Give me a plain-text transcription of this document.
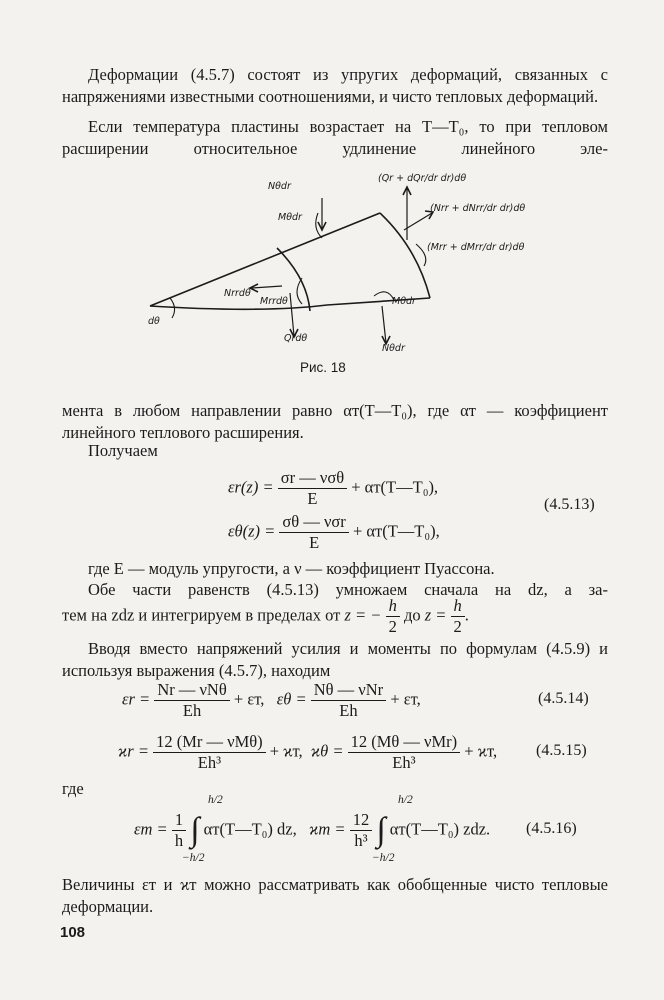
Деформации (4.5.7) состоят из упругих деформаций, связанных с напряжениями известными соотношениями, и чисто тепловых деформаций.

Если температура пластины возрастает на T—T₀, то при тепловом расширении относительное удлинение линейного эле-

Nθdr
Mθdr
(Qr + dQr/dr dr)dθ
(Nrr + dNrr/dr dr)dθ
(Mrr + dMrr/dr dr)dθ
Nrrdθ
Mrrdθ
Qrdθ
dθ
Mθdr
Nθdr
Рис. 18

мента в любом направлении равно αт(T—T₀), где αт — коэффициент линейного теплового расширения.

Получаем

$\varepsilon r(z) = \frac{\text{σr — νσθ}}{E}$ + αт(T—T₀),
$\varepsilon\theta(z) = \frac{\text{σθ — νσr}}{E}$ + αт(T—T₀),
(4.5.13)

где E — модуль упругости, а ν — коэффициент Пуассона.

Обе части равенств (4.5.13) умножаем сначала на dz, а за-

тем на zdz и интегрируем в пределах от z = − $\frac{h}{2}$ до $z = \frac{h}{2}$ .

Вводя вместо напряжений усилия и моменты по формулам (4.5.9) и используя выражения (4.5.7), находим

$\varepsilon r = \frac{\text{Nr — νNθ}}{Eh} + \varepsilon т$, $\varepsilon\theta = \frac{\text{Nθ — νNr}}{Eh} + \varepsilon т$,	(4.5.14)
$ϰr = \frac{\text{12 (Mr — νMθ)}}{\text{Eh³}} + ϰт$, $ϰ\theta = \frac{\text{12 (Mθ — νMr)}}{\text{Eh³}} + ϰт$, (4.5.15)
где
$\varepsilon т = \frac{1}{h}$ ∫ αт(T—T₀) dz, $ϰт = \frac{12}{\text{h³}}$ ∫ αт(T—T₀) zdz.
h/2
−h/2
h/2
−h/2
(4.5.16)

Величины εт и ϰт можно рассматривать как обобщенные чисто тепловые деформации.

108
